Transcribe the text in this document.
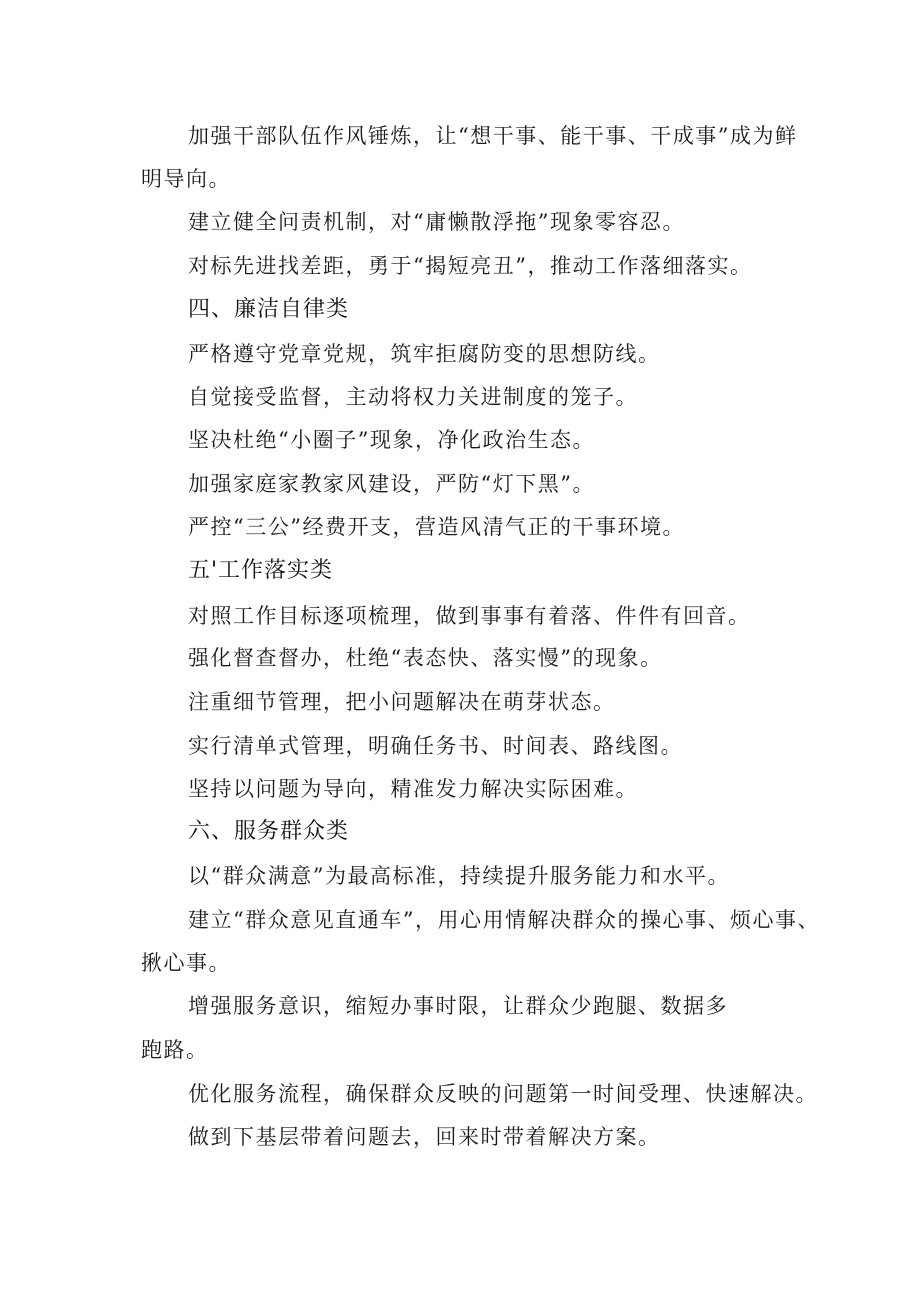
加强干部队伍作风锤炼，让“想干事、能干事、干成事”成为鲜
明导向。
建立健全问责机制，对“庸懒散浮拖”现象零容忍。
对标先进找差距，勇于“揭短亮丑”，推动工作落细落实。
四、廉洁自律类
严格遵守党章党规，筑牢拒腐防变的思想防线。
自觉接受监督，主动将权力关进制度的笼子。
坚决杜绝“小圈子”现象，净化政治生态。
加强家庭家教家风建设，严防“灯下黑”。
严控“三公”经费开支，营造风清气正的干事环境。
五'工作落实类
对照工作目标逐项梳理，做到事事有着落、件件有回音。
强化督查督办，杜绝“表态快、落实慢”的现象。
注重细节管理，把小问题解决在萌芽状态。
实行清单式管理，明确任务书、时间表、路线图。
坚持以问题为导向，精准发力解决实际困难。
六、服务群众类
以“群众满意”为最高标准，持续提升服务能力和水平。
建立“群众意见直通车”，用心用情解决群众的操心事、烦心事、
揪心事。
增强服务意识，缩短办事时限，让群众少跑腿、数据多
跑路。
优化服务流程，确保群众反映的问题第一时间受理、快速解决。
做到下基层带着问题去，回来时带着解决方案。
